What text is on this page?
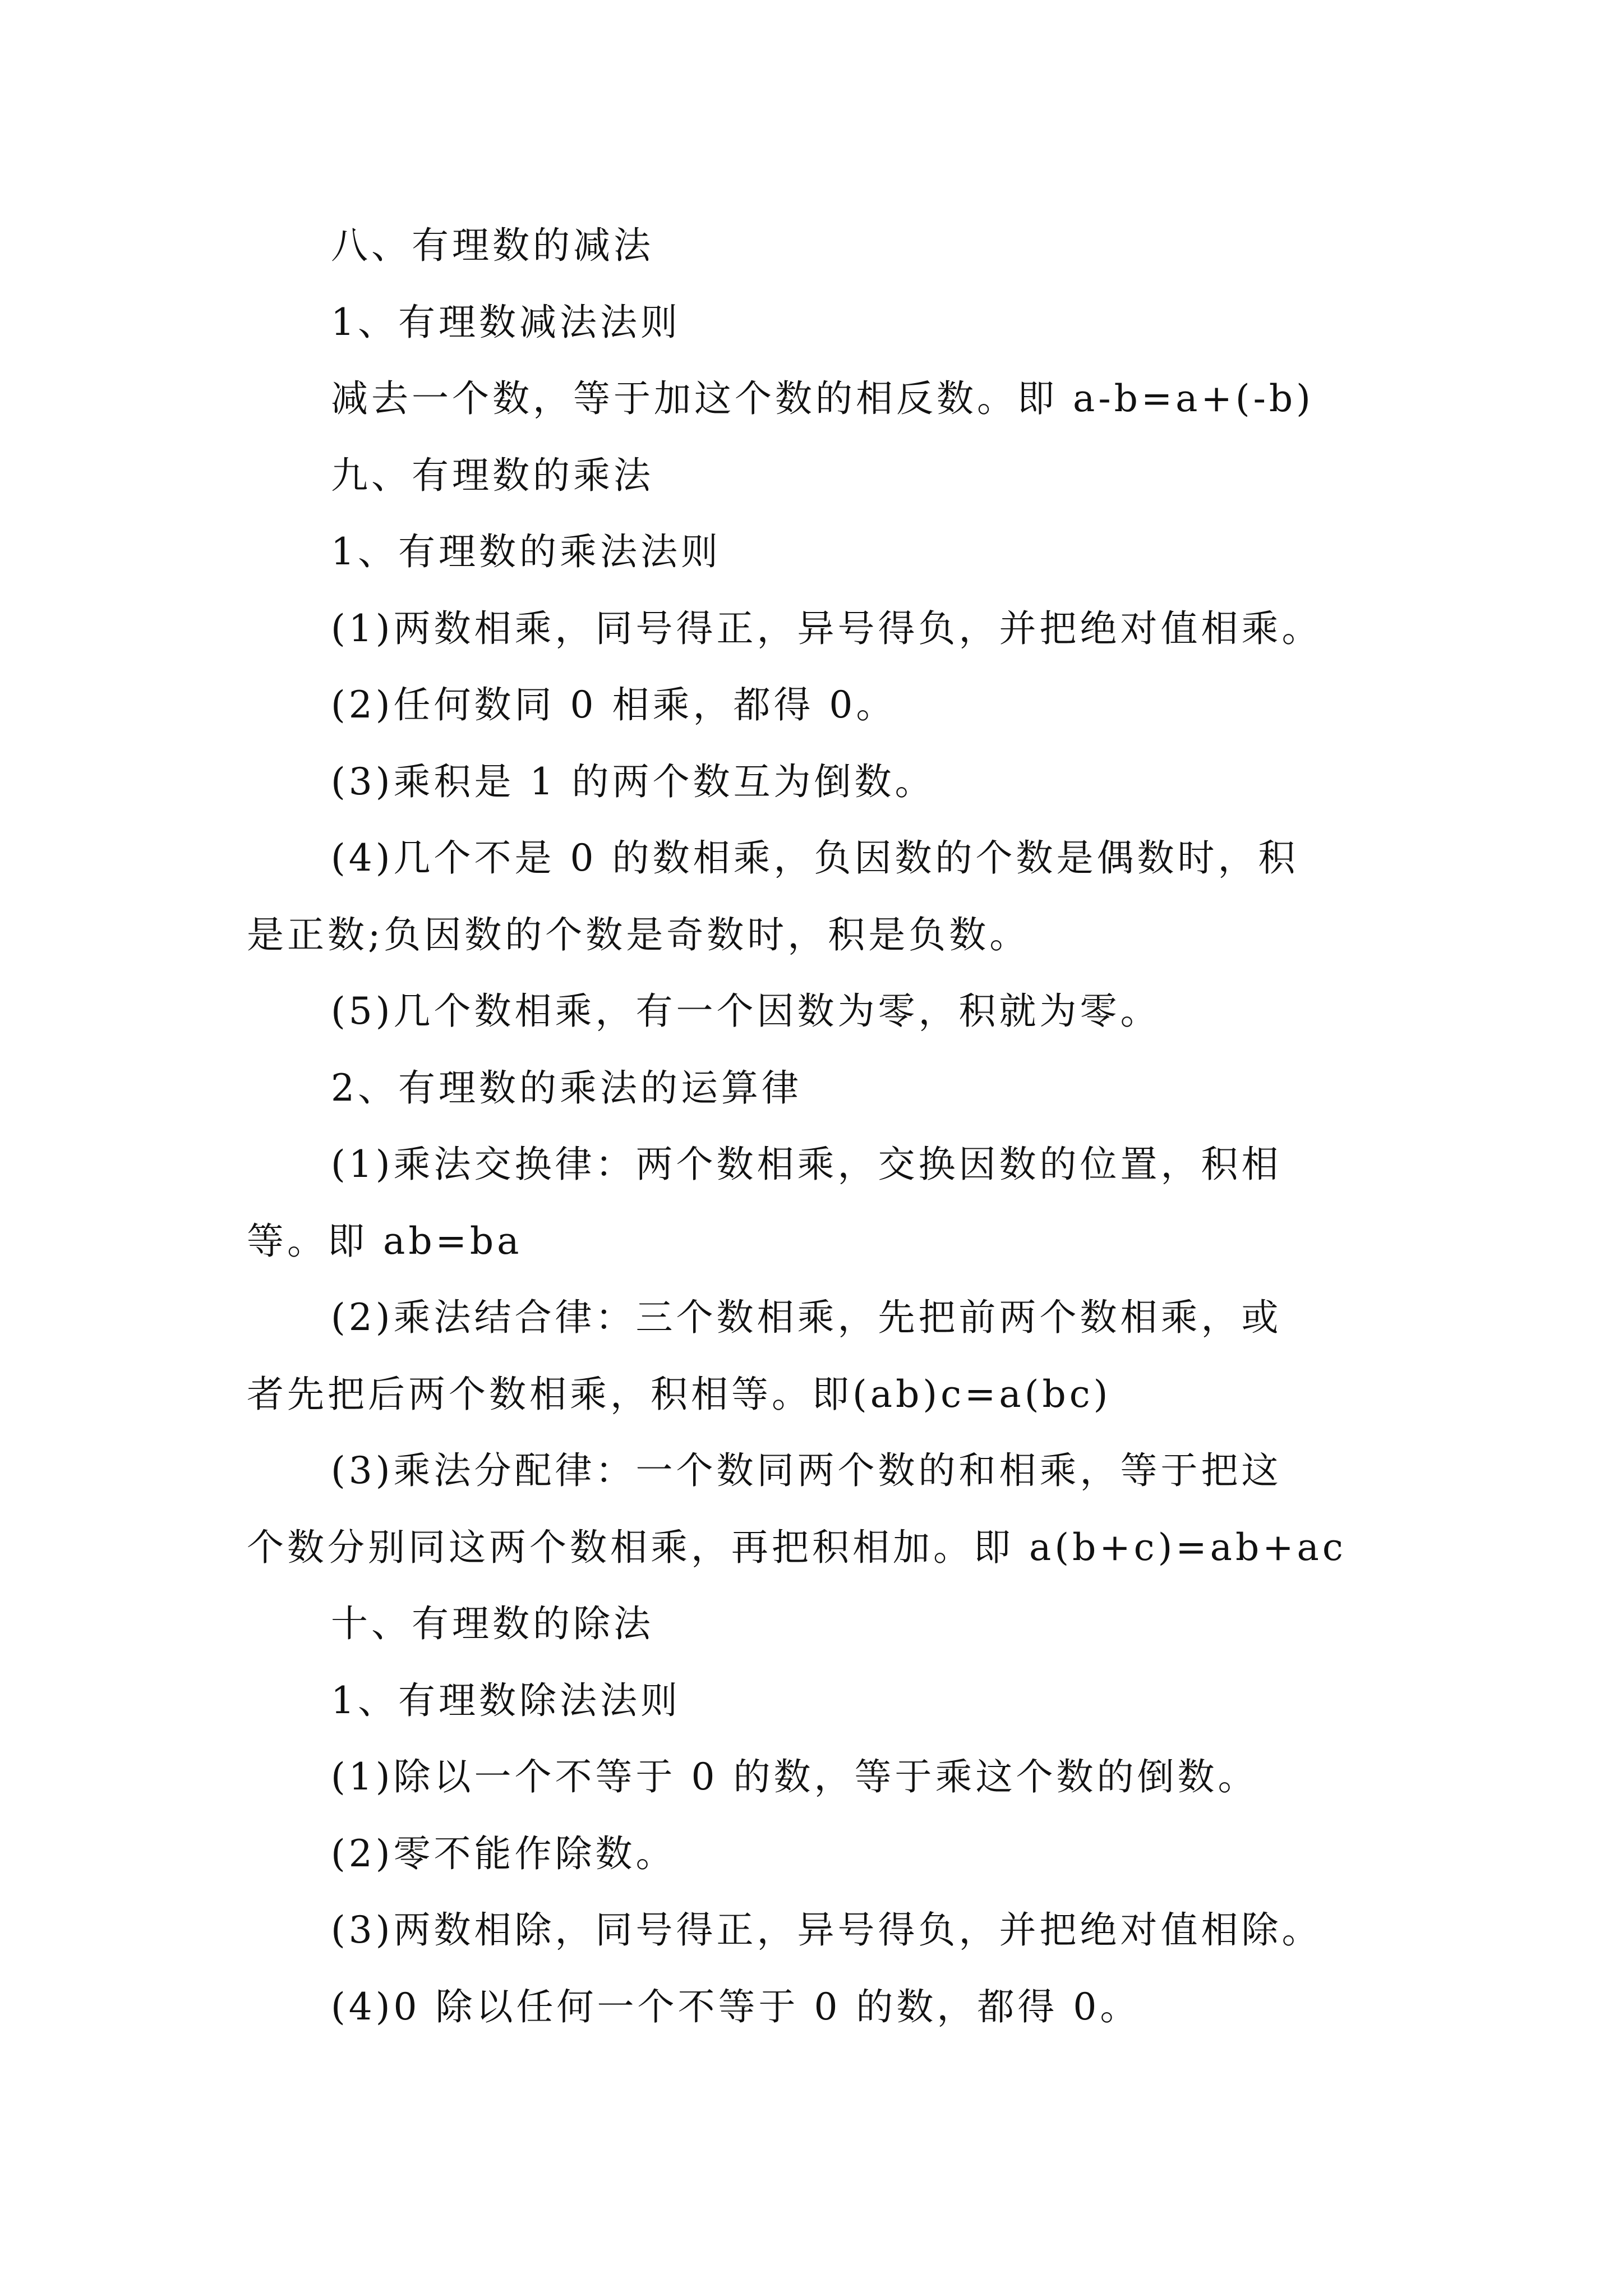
八、有理数的减法
1、有理数减法法则
减去一个数，等于加这个数的相反数。即 a-b=a+(-b)
九、有理数的乘法
1、有理数的乘法法则
(1)两数相乘，同号得正，异号得负，并把绝对值相乘。
(2)任何数同 0 相乘，都得 0。
(3)乘积是 1 的两个数互为倒数。
(4)几个不是 0 的数相乘，负因数的个数是偶数时，积
是正数;负因数的个数是奇数时，积是负数。
(5)几个数相乘，有一个因数为零，积就为零。
2、有理数的乘法的运算律
(1)乘法交换律：两个数相乘，交换因数的位置，积相
等。即 ab=ba
(2)乘法结合律：三个数相乘，先把前两个数相乘，或
者先把后两个数相乘，积相等。即(ab)c=a(bc)
(3)乘法分配律：一个数同两个数的和相乘，等于把这
个数分别同这两个数相乘，再把积相加。即 a(b+c)=ab+ac
十、有理数的除法
1、有理数除法法则
(1)除以一个不等于 0 的数，等于乘这个数的倒数。
(2)零不能作除数。
(3)两数相除，同号得正，异号得负，并把绝对值相除。
(4)0 除以任何一个不等于 0 的数，都得 0。
